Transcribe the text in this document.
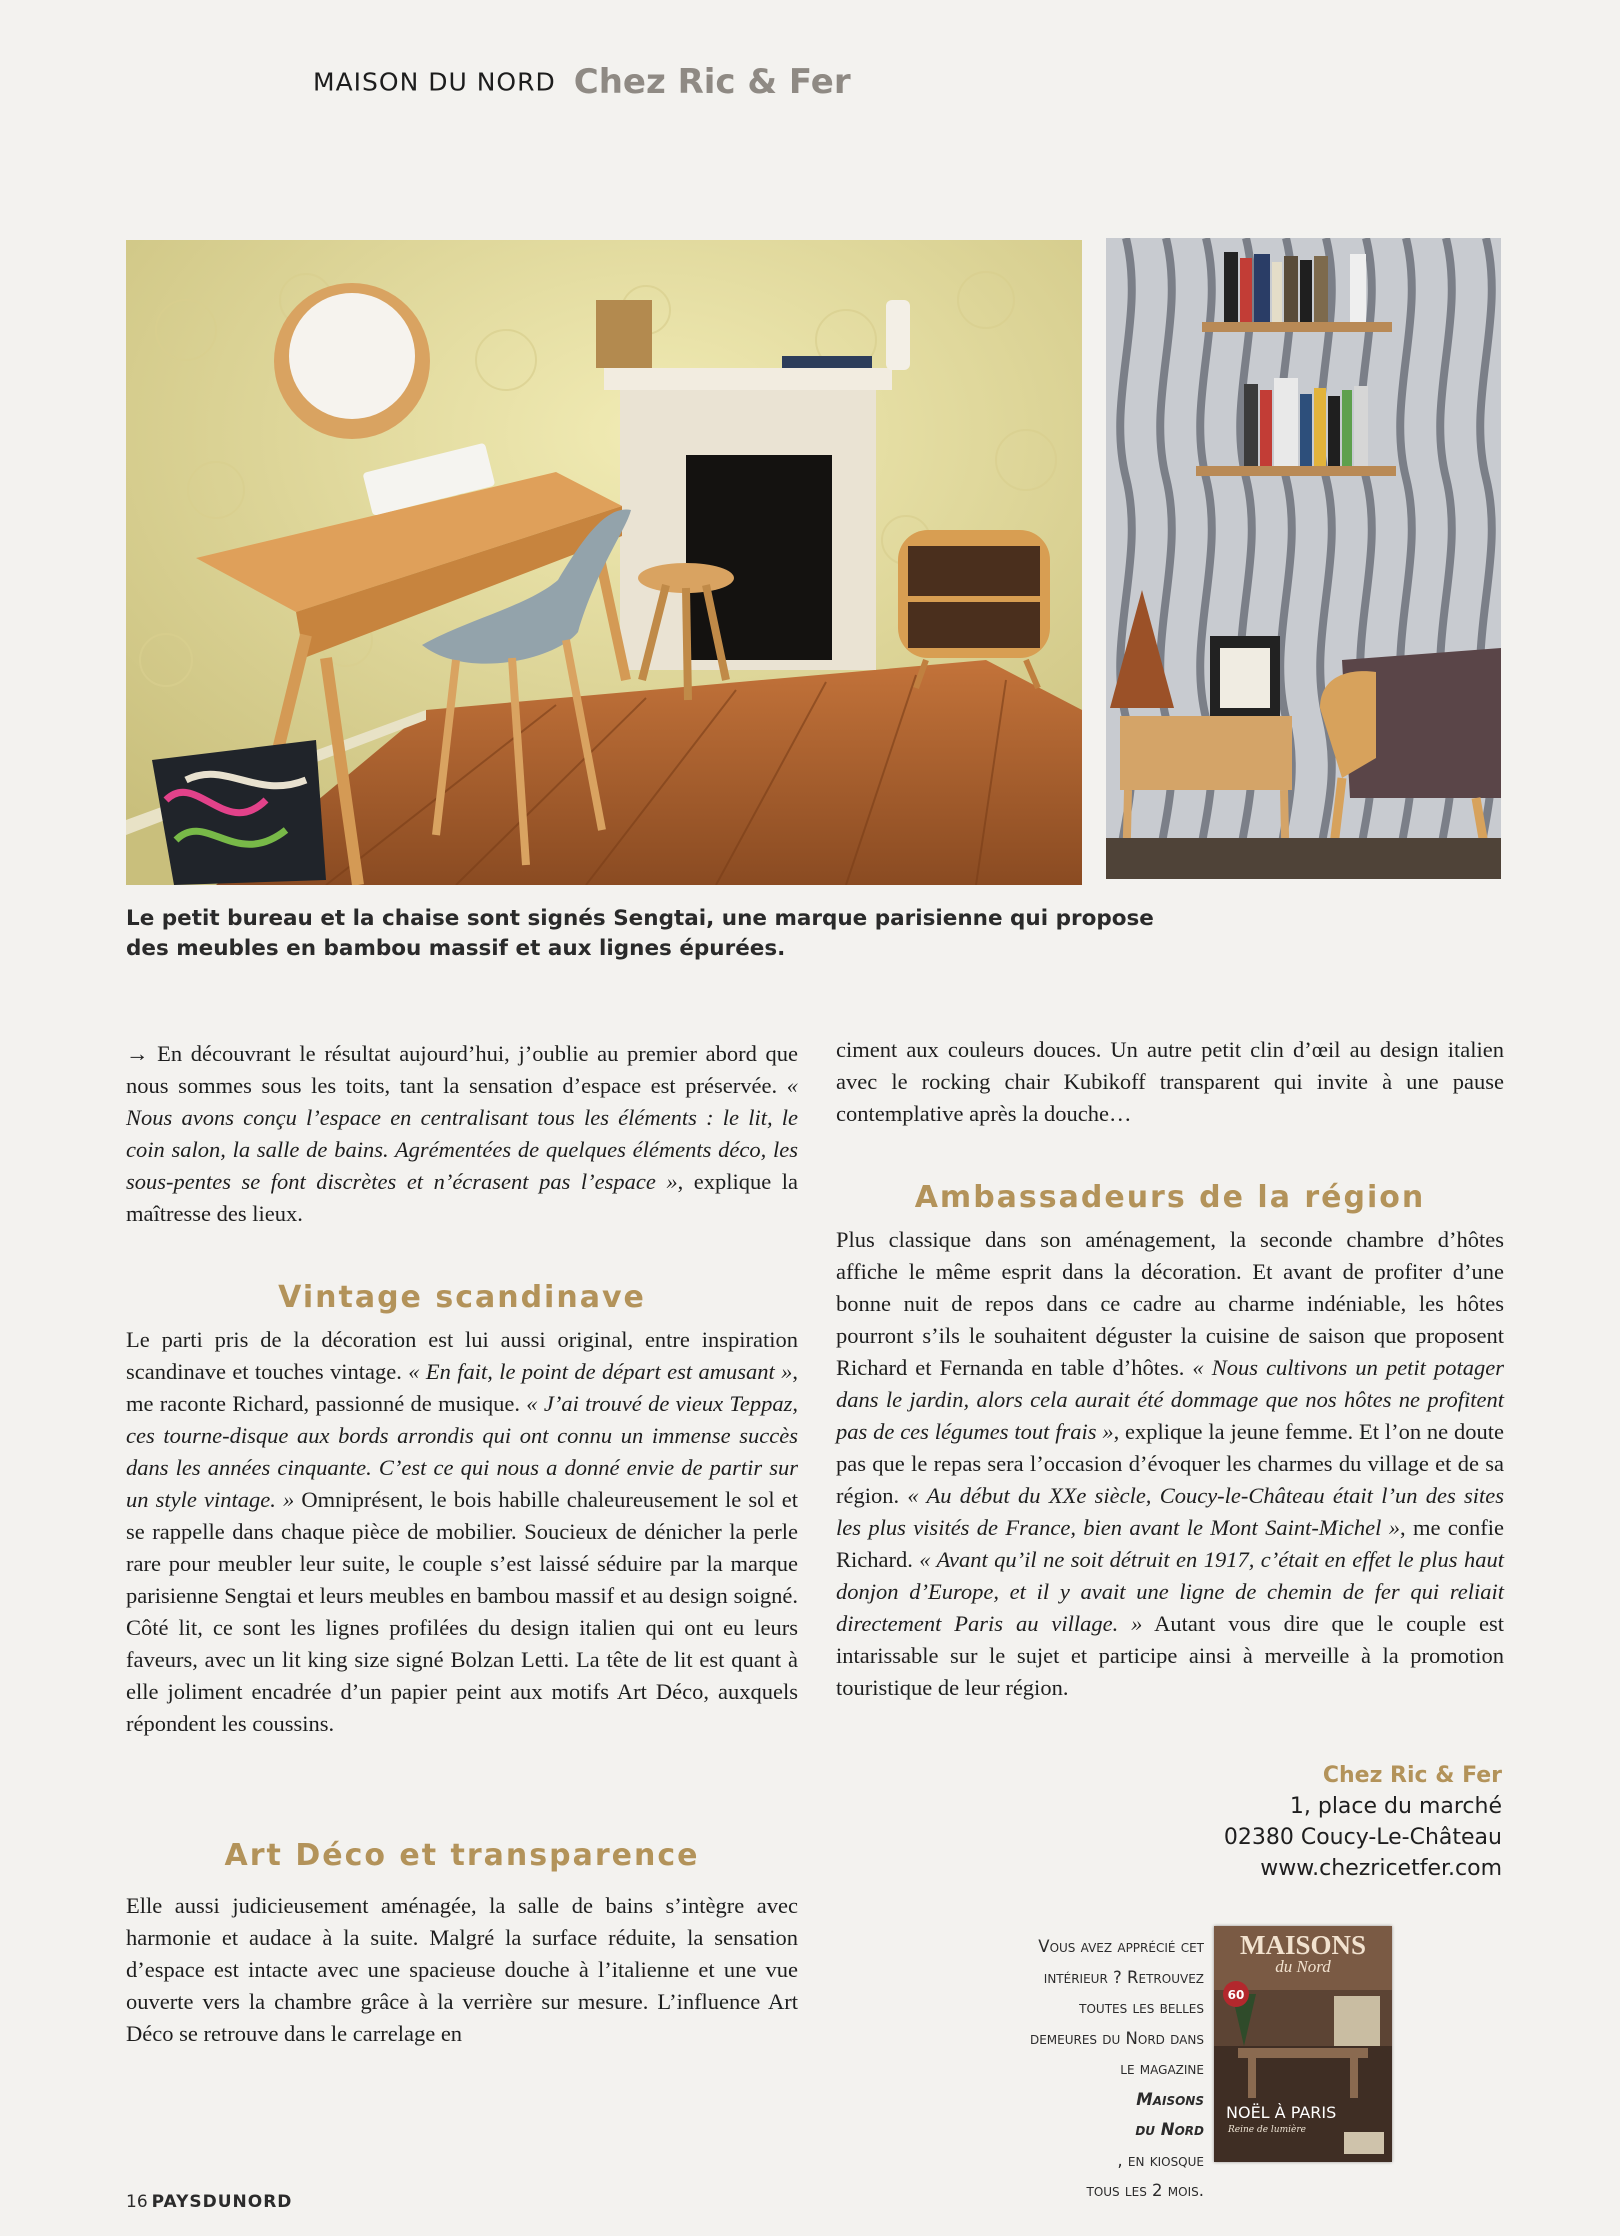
MAISON DU NORD Chez Ric & Fer
Le petit bureau et la chaise sont signés Sengtai, une marque parisienne qui propose
des meubles en bambou massif et aux lignes épurées.

→ En découvrant le résultat aujourd’hui, j’oublie au premier abord que nous sommes sous les toits, tant la sensation d’espace est préservée. « Nous avons conçu l’espace en centralisant tous les éléments : le lit, le coin salon, la salle de bains. Agrémentées de quelques éléments déco, les sous-pentes se font discrètes et n’écrasent pas l’espace », explique la maîtresse des lieux.

Vintage scandinave

Le parti pris de la décoration est lui aussi original, entre inspiration scandinave et touches vintage. « En fait, le point de départ est amusant », me raconte Richard, passionné de musique. « J’ai trouvé de vieux Teppaz, ces tourne-disque aux bords arrondis qui ont connu un immense succès dans les années cinquante. C’est ce qui nous a donné envie de partir sur un style vintage. » Omniprésent, le bois habille chaleureusement le sol et se rappelle dans chaque pièce de mobilier. Soucieux de dénicher la perle rare pour meubler leur suite, le couple s’est laissé séduire par la marque parisienne Sengtai et leurs meubles en bambou massif et au design soigné. Côté lit, ce sont les lignes profilées du design italien qui ont eu leurs faveurs, avec un lit king size signé Bolzan Letti. La tête de lit est quant à elle joliment encadrée d’un papier peint aux motifs Art Déco, auxquels répondent les coussins.

Art Déco et transparence

Elle aussi judicieusement aménagée, la salle de bains s’intègre avec harmonie et audace à la suite. Malgré la surface réduite, la sensation d’espace est intacte avec une spacieuse douche à l’italienne et une vue ouverte vers la chambre grâce à la verrière sur mesure. L’influence Art Déco se retrouve dans le carrelage en

ciment aux couleurs douces. Un autre petit clin d’œil au design italien avec le rocking chair Kubikoff transparent qui invite à une pause contemplative après la douche…

Ambassadeurs de la région

Plus classique dans son aménagement, la seconde chambre d’hôtes affiche le même esprit dans la décoration. Et avant de profiter d’une bonne nuit de repos dans ce cadre au charme indéniable, les hôtes pourront s’ils le souhaitent déguster la cuisine de saison que proposent Richard et Fernanda en table d’hôtes. « Nous cultivons un petit potager dans le jardin, alors cela aurait été dommage que nos hôtes ne profitent pas de ces légumes tout frais », explique la jeune femme. Et l’on ne doute pas que le repas sera l’occasion d’évoquer les charmes du village et de sa région. « Au début du XXe siècle, Coucy-le-Château était l’un des sites les plus visités de France, bien avant le Mont Saint-Michel », me confie Richard. « Avant qu’il ne soit détruit en 1917, c’était en effet le plus haut donjon d’Europe, et il y avait une ligne de chemin de fer qui reliait directement Paris au village. » Autant vous dire que le couple est intarissable sur le sujet et participe ainsi à merveille à la promotion touristique de leur région.

Chez Ric & Fer
1, place du marché
02380 Coucy-Le-Château
www.chezricetfer.com
Vous avez apprécié cet
intérieur ? Retrouvez
toutes les belles
demeures du Nord dans
le magazine
Maisons
du Nord
, en kiosque
tous les 2 mois.
MAISONS
du Nord
60
NOËL À PARIS
Reine de lumière
16 PAYSDUNORD
